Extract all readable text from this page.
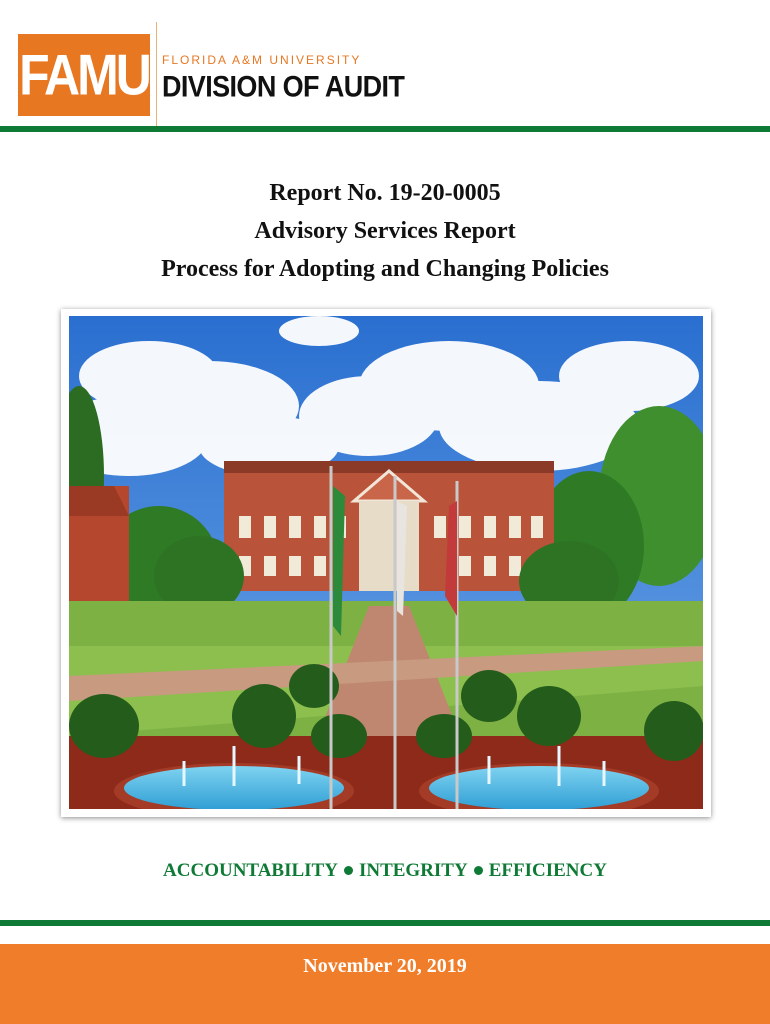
FAMU FLORIDA A&M UNIVERSITY
DIVISION OF AUDIT
Report No. 19-20-0005
Advisory Services Report
Process for Adopting and Changing Policies
ACCOUNTABILITY INTEGRITY EFFICIENCY
November 20, 2019
